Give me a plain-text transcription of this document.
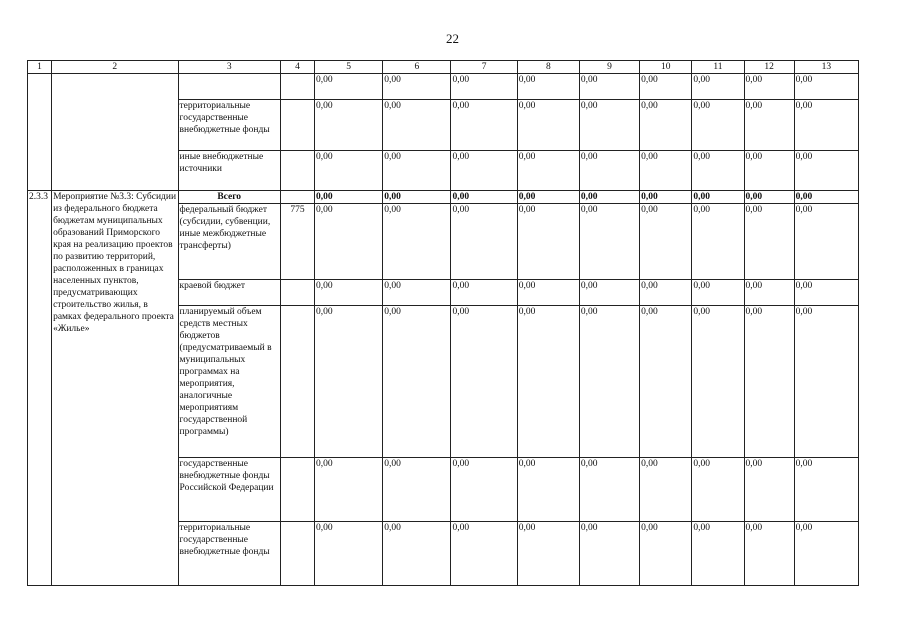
22
1	2	3	4	5	6	7	8	9	10	11	12	13
				0,00	0,00	0,00	0,00	0,00	0,00	0,00	0,00	0,00
		территориальные государственные внебюджетные фонды		0,00	0,00	0,00	0,00	0,00	0,00	0,00	0,00	0,00
		иные внебюджетные источники		0,00	0,00	0,00	0,00	0,00	0,00	0,00	0,00	0,00
2.3.3	Мероприятие №3.3: Субсидии из федерального бюджета бюджетам муниципальных образований Приморского края на реализацию проектов по развитию территорий, расположенных в границах населенных пунктов, предусматривающих строительство жилья, в рамках федерального проекта «Жилье»	Всего		0,00	0,00	0,00	0,00	0,00	0,00	0,00	0,00	0,00
		федеральный бюджет (субсидии, субвенции, иные межбюджетные трансферты)	775	0,00	0,00	0,00	0,00	0,00	0,00	0,00	0,00	0,00
		краевой бюджет		0,00	0,00	0,00	0,00	0,00	0,00	0,00	0,00	0,00
		планируемый объем средств местных бюджетов (предусматриваемый в муниципальных программах на мероприятия, аналогичные мероприятиям государственной программы)		0,00	0,00	0,00	0,00	0,00	0,00	0,00	0,00	0,00
		государственные внебюджетные фонды Российской Федерации		0,00	0,00	0,00	0,00	0,00	0,00	0,00	0,00	0,00
		территориальные государственные внебюджетные фонды		0,00	0,00	0,00	0,00	0,00	0,00	0,00	0,00	0,00
